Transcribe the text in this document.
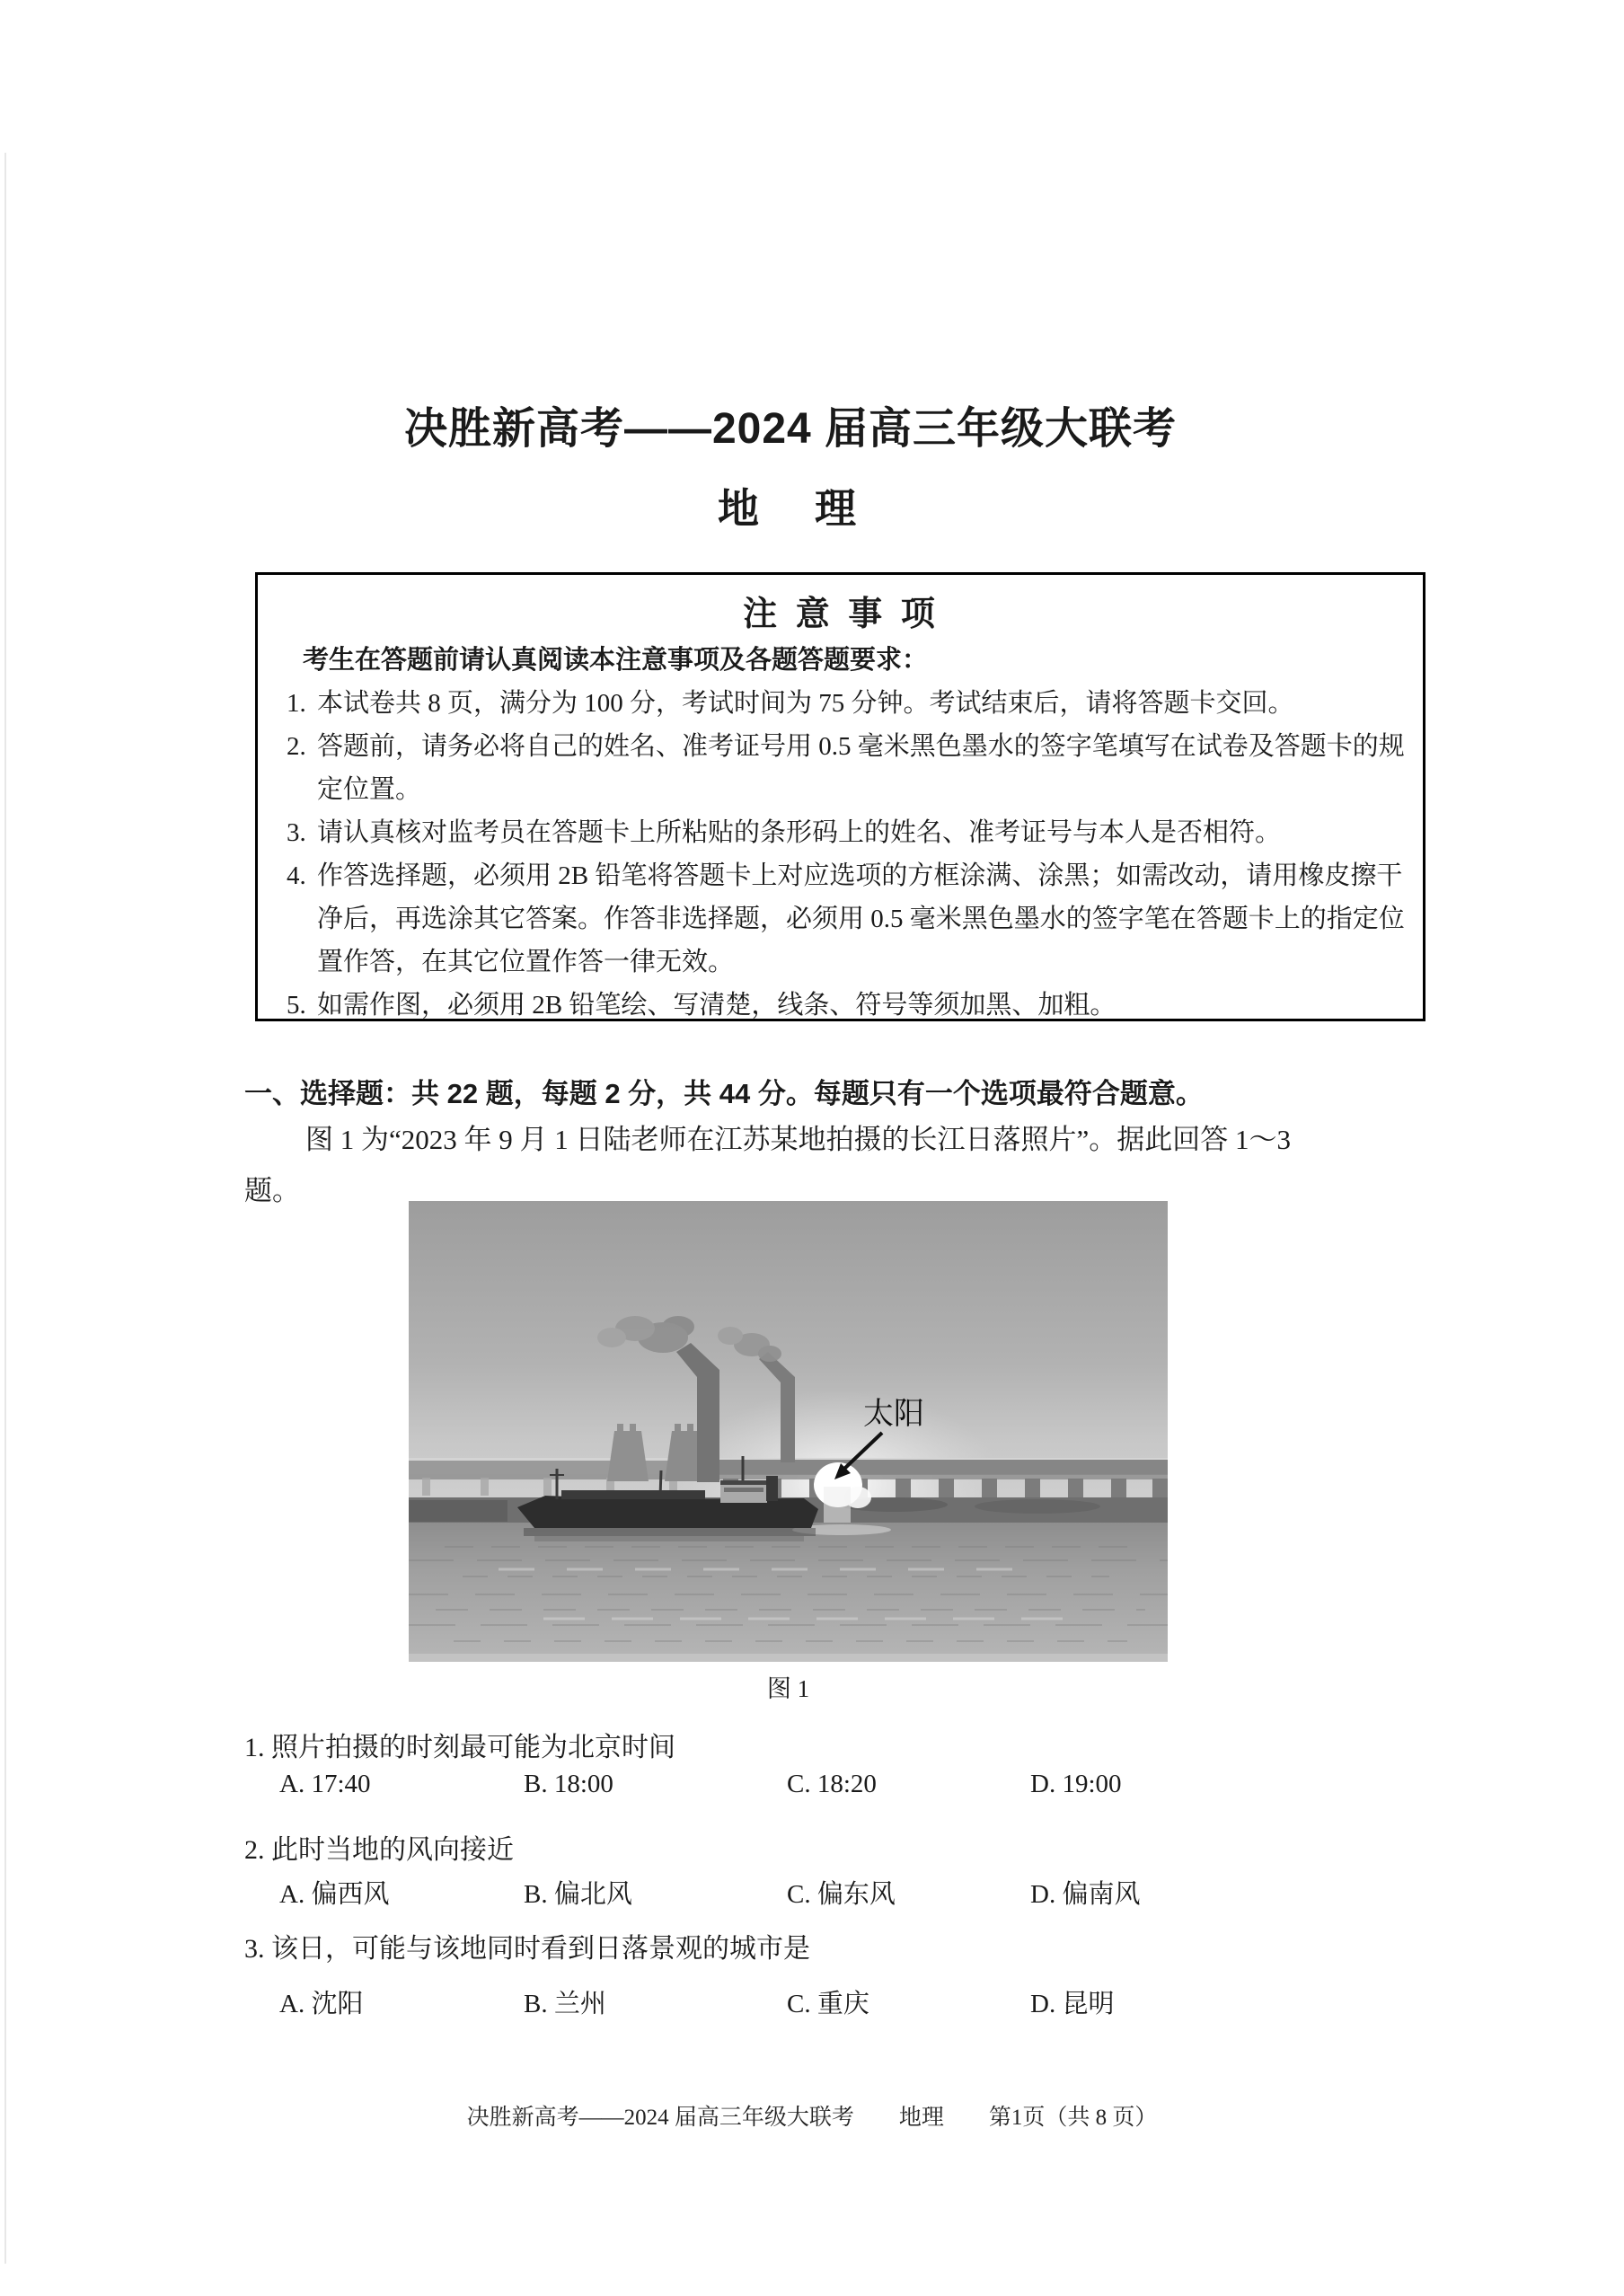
决胜新高考——2024 届高三年级大联考
地　理
注 意 事 项
考生在答题前请认真阅读本注意事项及各题答题要求：
1. 本试卷共 8 页，满分为 100 分，考试时间为 75 分钟。考试结束后，请将答题卡交回。
2. 答题前，请务必将自己的姓名、准考证号用 0.5 毫米黑色墨水的签字笔填写在试卷及答题卡的规定位置。
3. 请认真核对监考员在答题卡上所粘贴的条形码上的姓名、准考证号与本人是否相符。
4. 作答选择题，必须用 2B 铅笔将答题卡上对应选项的方框涂满、涂黑；如需改动，请用橡皮擦干净后，再选涂其它答案。作答非选择题，必须用 0.5 毫米黑色墨水的签字笔在答题卡上的指定位置作答，在其它位置作答一律无效。
5. 如需作图，必须用 2B 铅笔绘、写清楚，线条、符号等须加黑、加粗。
一、选择题：共 22 题，每题 2 分，共 44 分。每题只有一个选项最符合题意。
图 1 为“2023 年 9 月 1 日陆老师在江苏某地拍摄的长江日落照片”。据此回答 1～3
题。
太阳
图 1
1. 照片拍摄的时刻最可能为北京时间
A. 17:40	B. 18:00	C. 18:20	D. 19:00
2. 此时当地的风向接近
A. 偏西风	B. 偏北风	C. 偏东风	D. 偏南风
3. 该日，可能与该地同时看到日落景观的城市是
A. 沈阳	B. 兰州	C. 重庆	D. 昆明
决胜新高考——2024 届高三年级大联考　　地理　　第1页（共 8 页）
